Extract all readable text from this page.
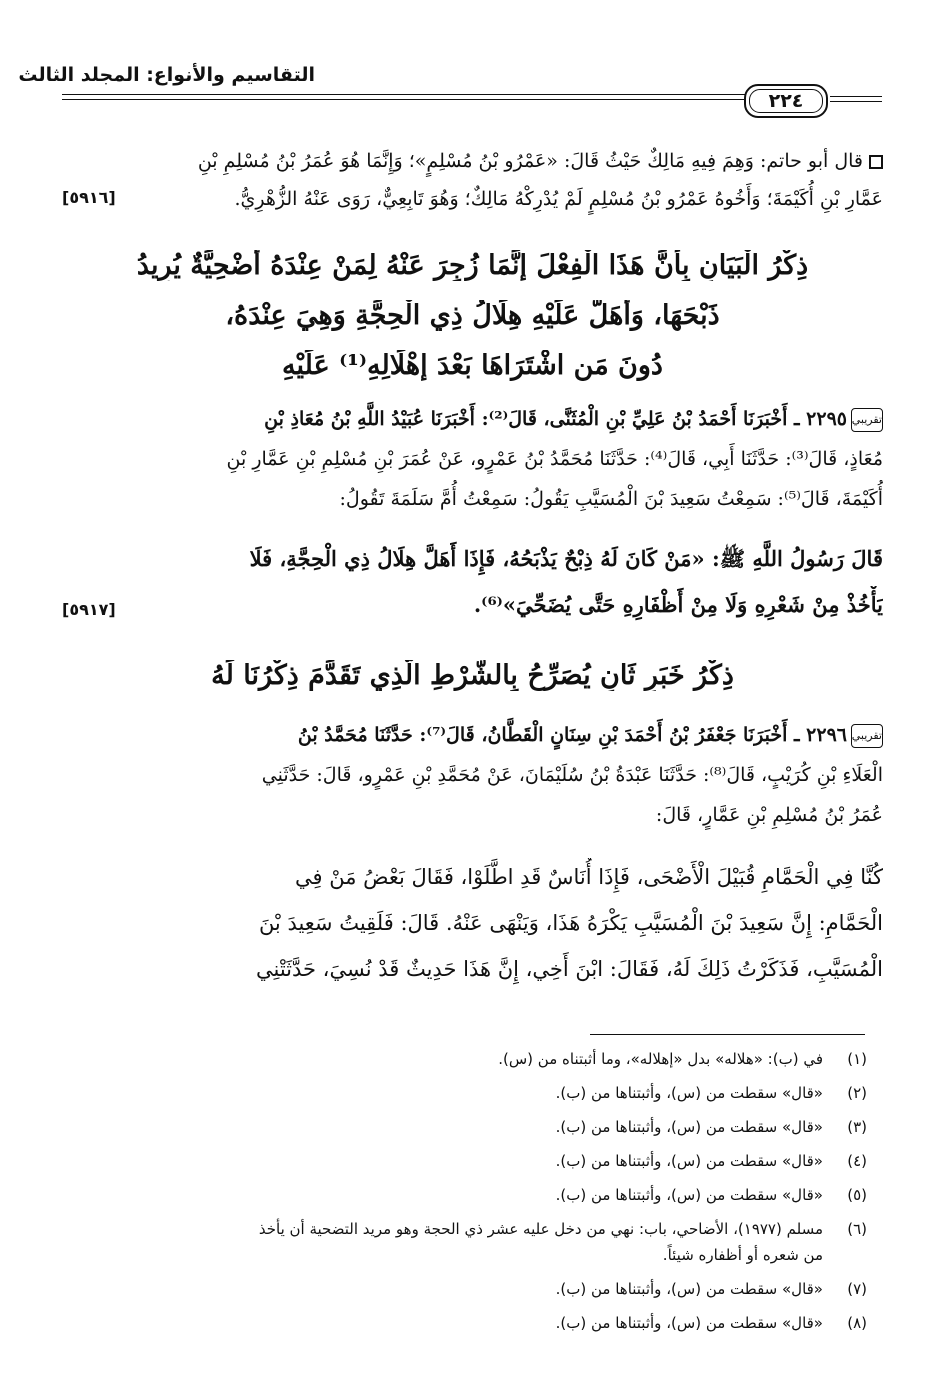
التقاسيم والأنواع: المجلد الثالث
٢٢٤
قال أبو حاتم: وَهِمَ فِيهِ مَالِكٌ حَيْثُ قَالَ: «عَمْرُو بْنُ مُسْلِمٍ»؛ وَإِنَّمَا هُوَ عُمَرُ بْنُ مُسْلِمِ بْنِ
عَمَّارِ بْنِ أُكَيْمَةَ؛ وَأَخُوهُ عَمْرُو بْنُ مُسْلِمٍ لَمْ يُدْرِكْهُ مَالِكٌ؛ وَهُوَ تَابِعِيٌّ، رَوَى عَنْهُ الزُّهْرِيُّ.
[٥٩١٦]
ذِكْرُ الْبَيَانِ بِأَنَّ هَذَا الْفِعْلَ إِنَّمَا زُجِرَ عَنْهُ لِمَنْ عِنْدَهُ أُضْحِيَّةٌ يُرِيدُ
ذَبْحَهَا، وَأَهَلَّ عَلَيْهِ هِلَالُ ذِي الْحِجَّةِ وَهِيَ عِنْدَهُ،
دُونَ مَنِ اشْتَرَاهَا بَعْدَ إِهْلَالِهِ⁽¹⁾ عَلَيْهِ
تقريبي٢٢٩٥ ـ أَخْبَرَنَا أَحْمَدُ بْنُ عَلِيِّ بْنِ الْمُثَنَّى، قَالَ⁽²⁾: أَخْبَرَنَا عُبَيْدُ اللَّهِ بْنُ مُعَاذِ بْنِ
مُعَاذٍ، قَالَ⁽³⁾: حَدَّثَنَا أَبِي، قَالَ⁽⁴⁾: حَدَّثَنَا مُحَمَّدُ بْنُ عَمْرٍو، عَنْ عُمَرَ بْنِ مُسْلِمِ بْنِ عَمَّارِ بْنِ
أُكَيْمَةَ، قَالَ⁽⁵⁾: سَمِعْتُ سَعِيدَ بْنَ الْمُسَيَّبِ يَقُولُ: سَمِعْتُ أُمَّ سَلَمَةَ تَقُولُ:
قَالَ رَسُولُ اللَّهِ ﷺ: «مَنْ كَانَ لَهُ ذِبْحٌ يَذْبَحُهُ، فَإِذَا أَهَلَّ هِلَالُ ذِي الْحِجَّةِ، فَلَا
يَأْخُذْ مِنْ شَعْرِهِ وَلَا مِنْ أَظْفَارِهِ حَتَّى يُضَحِّيَ»⁽⁶⁾.
[٥٩١٧]
ذِكْرُ خَبَرٍ ثَانٍ يُصَرِّحُ بِالشَّرْطِ الَّذِي تَقَدَّمَ ذِكْرُنَا لَهُ
تقريبي٢٢٩٦ ـ أَخْبَرَنَا جَعْفَرُ بْنُ أَحْمَدَ بْنِ سِنَانٍ الْقَطَّانُ، قَالَ⁽⁷⁾: حَدَّثَنَا مُحَمَّدُ بْنُ
الْعَلَاءِ بْنِ كُرَيْبٍ، قَالَ⁽⁸⁾: حَدَّثَنَا عَبْدَةُ بْنُ سُلَيْمَانَ، عَنْ مُحَمَّدِ بْنِ عَمْرٍو، قَالَ: حَدَّثَنِي
عُمَرُ بْنُ مُسْلِمِ بْنِ عَمَّارٍ، قَالَ:
كُنَّا فِي الْحَمَّامِ قُبَيْلَ الْأَضْحَى، فَإِذَا أُنَاسٌ قَدِ اطَّلَوْا، فَقَالَ بَعْضُ مَنْ فِي
الْحَمَّامِ: إِنَّ سَعِيدَ بْنَ الْمُسَيَّبِ يَكْرَهُ هَذَا، وَيَنْهَى عَنْهُ. قَالَ: فَلَقِيتُ سَعِيدَ بْنَ
الْمُسَيَّبِ، فَذَكَرْتُ ذَلِكَ لَهُ، فَقَالَ: ابْنَ أَخِي، إِنَّ هَذَا حَدِيثٌ قَدْ نُسِيَ، حَدَّثَتْنِي
(١)في (ب): «هلاله» بدل «إهلاله»، وما أثبتناه من (س).
(٢)«قال» سقطت من (س)، وأثبتناها من (ب).
(٣)«قال» سقطت من (س)، وأثبتناها من (ب).
(٤)«قال» سقطت من (س)، وأثبتناها من (ب).
(٥)«قال» سقطت من (س)، وأثبتناها من (ب).
(٦)مسلم (١٩٧٧)، الأضاحي، باب: نهي من دخل عليه عشر ذي الحجة وهو مريد التضحية أن يأخذ
من شعره أو أظفاره شيئاً.
(٧)«قال» سقطت من (س)، وأثبتناها من (ب).
(٨)«قال» سقطت من (س)، وأثبتناها من (ب).
